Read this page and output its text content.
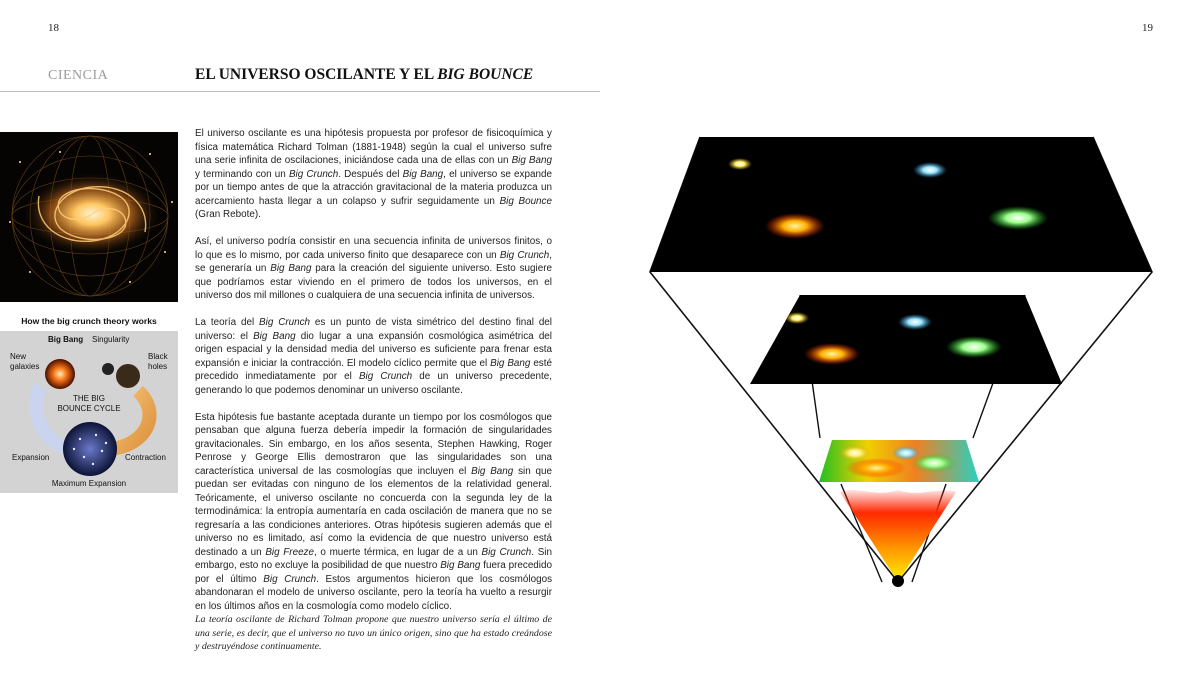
18	19
CIENCIA	EL UNIVERSO OSCILANTE Y EL BIG BOUNCE
How the big crunch theory works
Big Bang Singularity
New
galaxies
Black
holes
THE BIG
BOUNCE CYCLE
Expansion	Contraction
Maximum Expansion

El universo oscilante es una hipótesis propuesta por profesor de fisicoquímica y física matemática Richard Tolman (1881-1948) según la cual el universo sufre una serie infinita de oscilaciones, iniciándose cada una de ellas con un Big Bang y terminando con un Big Crunch. Después del Big Bang, el universo se expande por un tiempo antes de que la atracción gravitacional de la materia produzca un acercamiento hasta llegar a un colapso y sufrir seguidamente un Big Bounce (Gran Rebote).

Así, el universo podría consistir en una secuencia infinita de universos finitos, o lo que es lo mismo, por cada universo finito que desaparece con un Big Crunch, se generaría un Big Bang para la creación del siguiente universo. Esto sugiere que podríamos estar viviendo en el primero de todos los universos, en el universo dos mil millones o cualquiera de una secuencia infinita de universos.

La teoría del Big Crunch es un punto de vista simétrico del destino final del universo: el Big Bang dio lugar a una expansión cosmológica asimétrica del origen espacial y la densidad media del universo es suficiente para frenar esta expansión e iniciar la contracción. El modelo cíclico permite que el Big Bang esté precedido inmediatamente por el Big Crunch de un universo precedente, generando lo que podemos denominar un universo oscilante.

Esta hipótesis fue bastante aceptada durante un tiempo por los cosmólogos que pensaban que alguna fuerza debería impedir la formación de singularidades gravitacionales. Sin embargo, en los años sesenta, Stephen Hawking, Roger Penrose y George Ellis demostraron que las singularidades son una característica universal de las cosmologías que incluyen el Big Bang sin que puedan ser evitadas con ninguno de los elementos de la relatividad general. Teóricamente, el universo oscilante no concuerda con la segunda ley de la termodinámica: la entropía aumentaría en cada oscilación de manera que no se regresaría a las condiciones anteriores. Otras hipótesis sugieren además que el universo no es limitado, así como la evidencia de que nuestro universo está destinado a un Big Freeze, o muerte térmica, en lugar de a un Big Crunch. Sin embargo, esto no excluye la posibilidad de que nuestro Big Bang fuera precedido por el último Big Crunch. Estos argumentos hicieron que los cosmólogos abandonaran el modelo de universo oscilante, pero la teoría ha vuelto a resurgir en los últimos años en la cosmología como modelo cíclico.

La teoría oscilante de Richard Tolman propone que nuestro universo sería el último de una serie, es decir, que el universo no tuvo un único origen, sino que ha estado creándose y destruyéndose continuamente.
